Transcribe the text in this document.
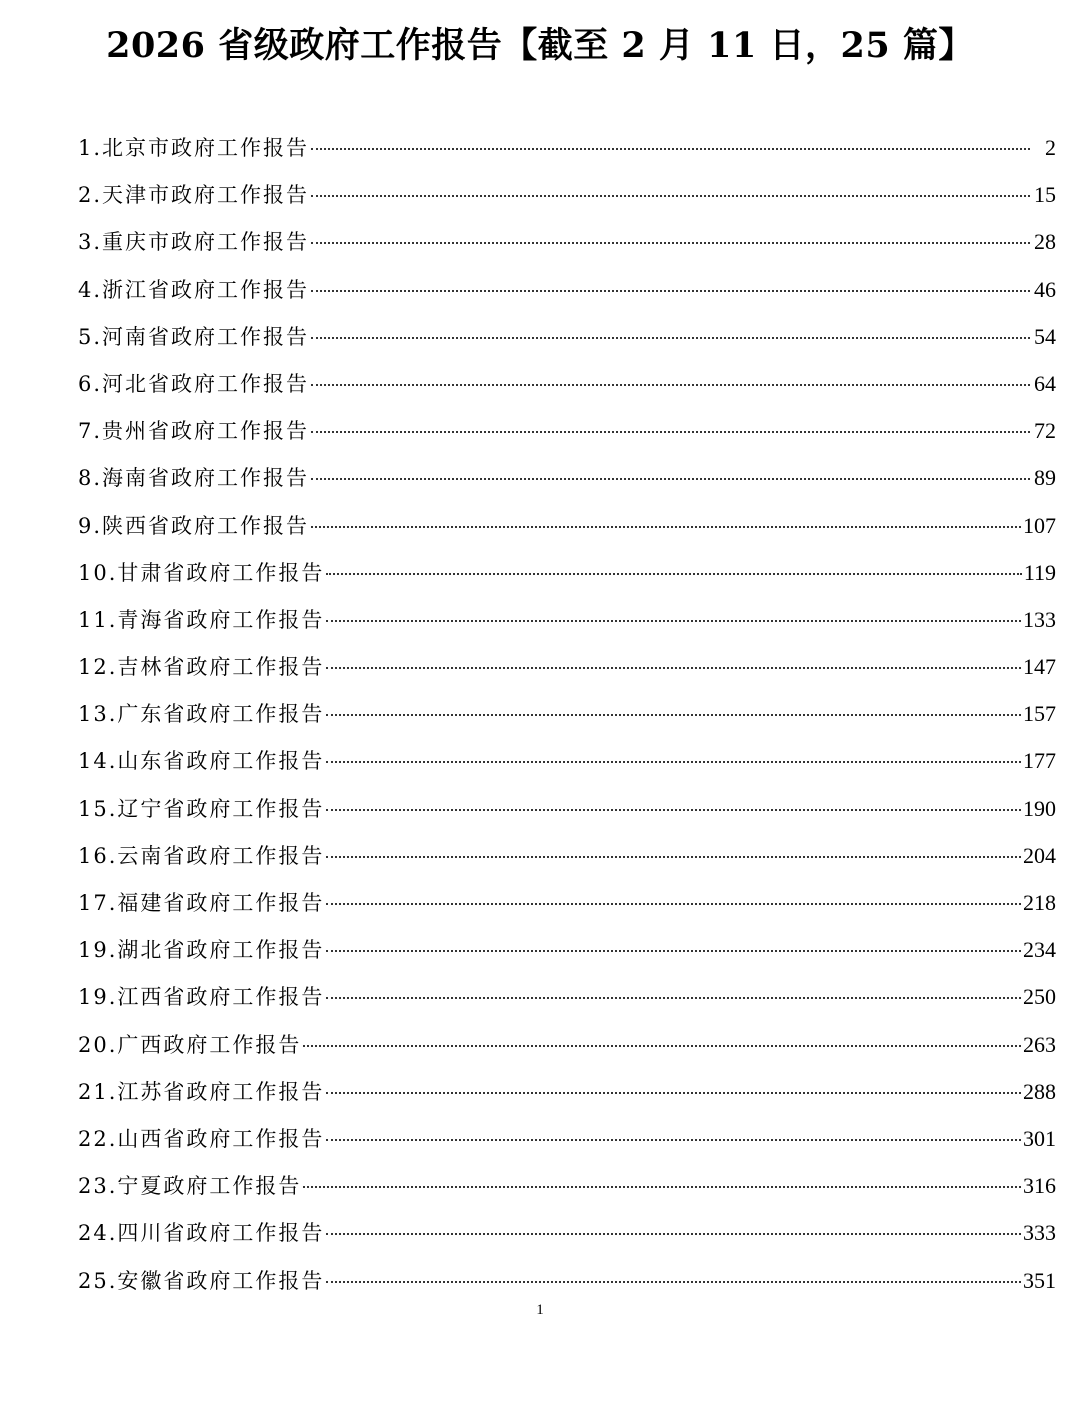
2026 省级政府工作报告【截至 2 月 11 日，25 篇】
1.北京市政府工作报告	2
2.天津市政府工作报告	15
3.重庆市政府工作报告	28
4.浙江省政府工作报告	46
5.河南省政府工作报告	54
6.河北省政府工作报告	64
7.贵州省政府工作报告	72
8.海南省政府工作报告	89
9.陕西省政府工作报告	107
10.甘肃省政府工作报告	119
11.青海省政府工作报告	133
12.吉林省政府工作报告	147
13.广东省政府工作报告	157
14.山东省政府工作报告	177
15.辽宁省政府工作报告	190
16.云南省政府工作报告	204
17.福建省政府工作报告	218
19.湖北省政府工作报告	234
19.江西省政府工作报告	250
20.广西政府工作报告	263
21.江苏省政府工作报告	288
22.山西省政府工作报告	301
23.宁夏政府工作报告	316
24.四川省政府工作报告	333
25.安徽省政府工作报告	351
1
